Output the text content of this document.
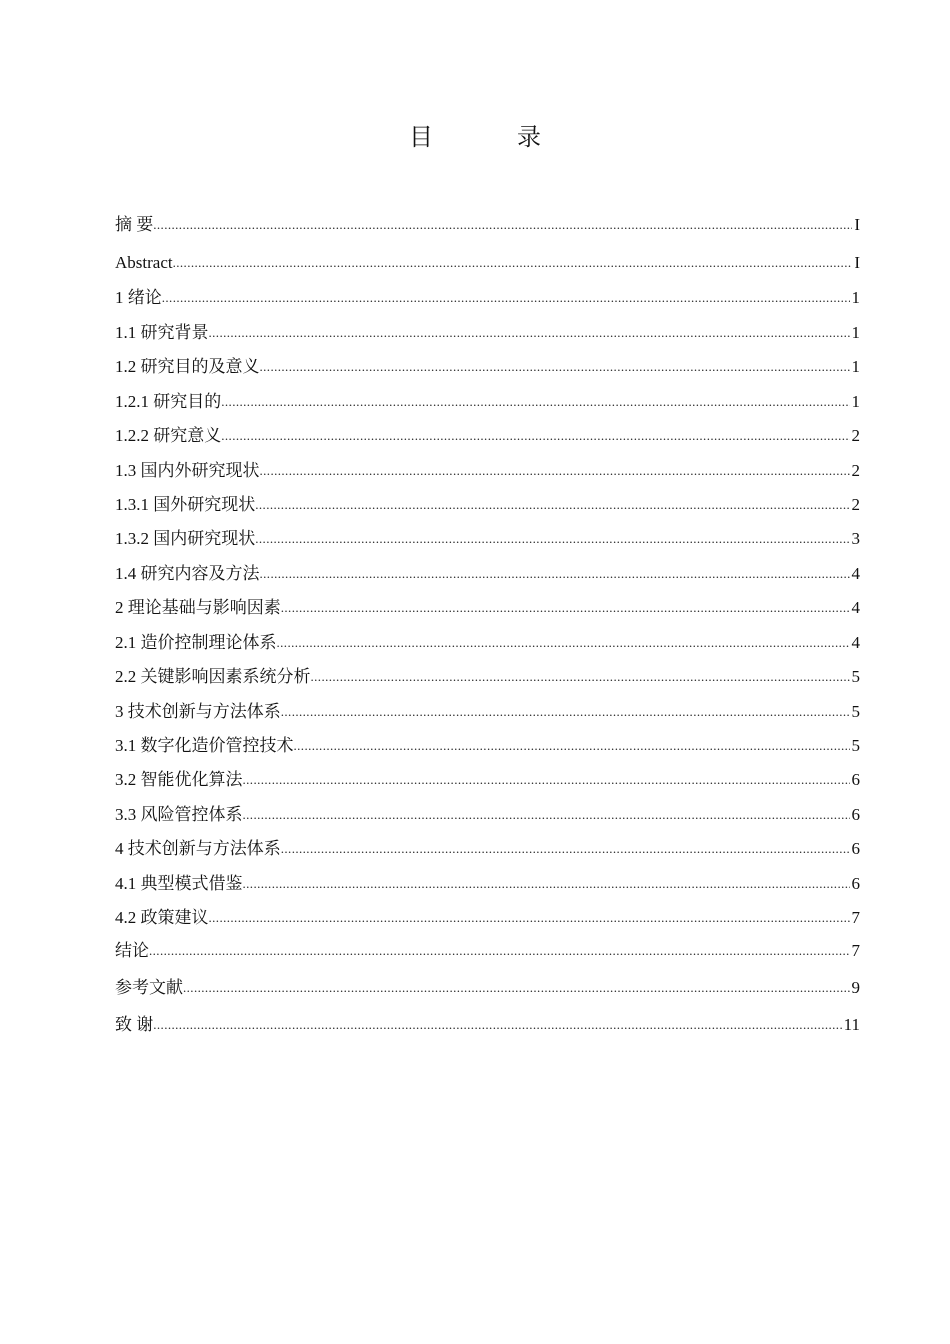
目　录
摘 要 .....	I
Abstract .....	I
1 绪论 .....	1
1.1 研究背景 .....	1
1.2 研究目的及意义 .....	1
1.2.1 研究目的 .....	1
1.2.2 研究意义 .....	2
1.3 国内外研究现状 .....	2
1.3.1 国外研究现状 .....	2
1.3.2 国内研究现状 .....	3
1.4 研究内容及方法 .....	4
2 理论基础与影响因素 .....	4
2.1 造价控制理论体系 .....	4
2.2 关键影响因素系统分析 .....	5
3 技术创新与方法体系 .....	5
3.1 数字化造价管控技术 .....	5
3.2 智能优化算法 .....	6
3.3 风险管控体系 .....	6
4 技术创新与方法体系 .....	6
4.1 典型模式借鉴 .....	6
4.2 政策建议 .....	7
结论 .....	7
参考文献 .....	9
致 谢 .....	11
